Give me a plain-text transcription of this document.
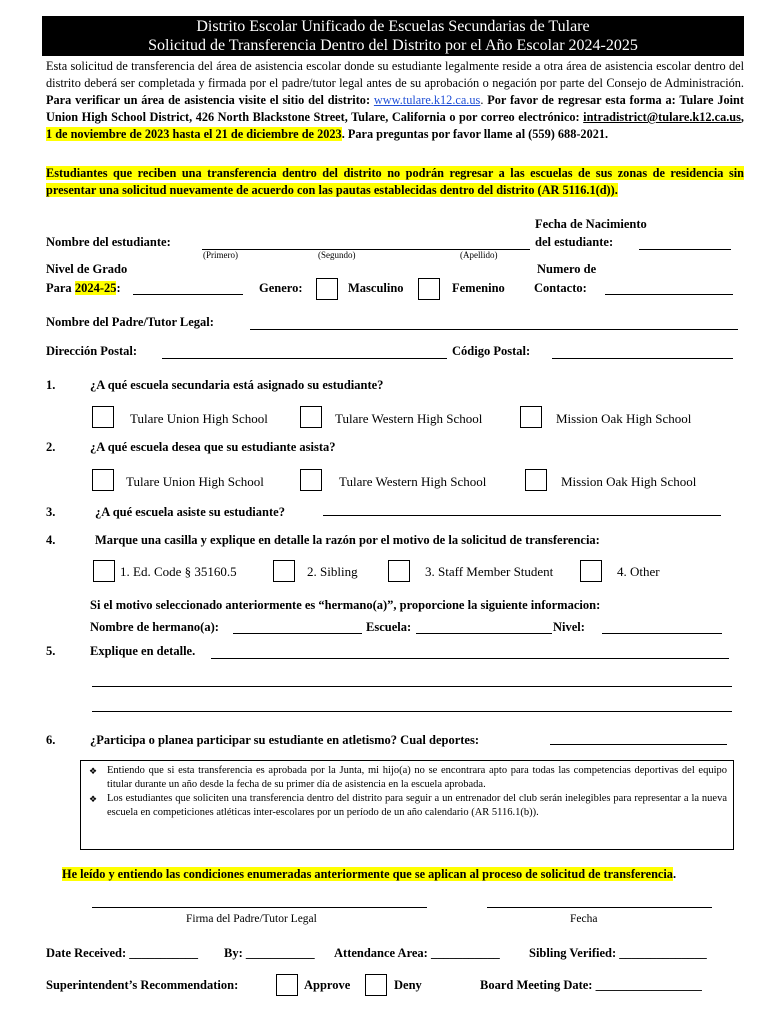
Distrito Escolar Unificado de Escuelas Secundarias de Tulare
Solicitud de Transferencia Dentro del Distrito por el Año Escolar 2024-2025
Esta solicitud de transferencia del área de asistencia escolar donde su estudiante legalmente reside a otra área de asistencia escolar dentro del distrito deberá ser completada y firmada por el padre/tutor legal antes de su aprobación o negación por parte del Consejo de Administración. Para verificar un área de asistencia visite el sitio del distrito: www.tulare.k12.ca.us. Por favor de regresar esta forma a: Tulare Joint Union High School District, 426 North Blackstone Street, Tulare, California o por correo electrónico: intradistrict@tulare.k12.ca.us, 1 de noviembre de 2023 hasta el 21 de diciembre de 2023. Para preguntas por favor llame al (559) 688-2021.
Estudiantes que reciben una transferencia dentro del distrito no podrán regresar a las escuelas de sus zonas de residencia sin presentar una solicitud nuevamente de acuerdo con las pautas establecidas dentro del distrito (AR 5116.1(d)).
Nombre del estudiante:
(Primero)	(Segundo)	(Apellido)
Fecha de Nacimiento
del estudiante:
Nivel de Grado
Para 2024-25:	Genero:	Masculino	Femenino
Numero de
Contacto:
Nombre del Padre/Tutor Legal:
Dirección Postal:	Código Postal:
1.	¿A qué escuela secundaria está asignado su estudiante?
Tulare Union High School	Tulare Western High School	Mission Oak High School
2.	¿A qué escuela desea que su estudiante asista?
Tulare Union High School	Tulare Western High School	Mission Oak High School
3.	¿A qué escuela asiste su estudiante?
4.	Marque una casilla y explique en detalle la razón por el motivo de la solicitud de transferencia:
1. Ed. Code § 35160.5	2. Sibling	3. Staff Member Student	4. Other
Si el motivo seleccionado anteriormente es “hermano(a)”, proporcione la siguiente informacion:
Nombre de hermano(a):	Escuela:	Nivel:
5.	Explique en detalle.
6.	¿Participa o planea participar su estudiante en atletismo? Cual deportes:
❖ Entiendo que si esta transferencia es aprobada por la Junta, mi hijo(a) no se encontrara apto para todas las competencias deportivas del equipo titular durante un año desde la fecha de su primer día de asistencia en la escuela aprobada.
❖ Los estudiantes que soliciten una transferencia dentro del distrito para seguir a un entrenador del club serán inelegibles para representar a la nueva escuela en competiciones atléticas inter-escolares por un período de un año calendario (AR 5116.1(b)).
He leído y entiendo las condiciones enumeradas anteriormente que se aplican al proceso de solicitud de transferencia.
Firma del Padre/Tutor Legal	Fecha
Date Received: ___________ By: ___________ Attendance Area: ___________ Sibling Verified: ______________
Superintendent’s Recommendation:	Approve	Deny	Board Meeting Date: _________________
